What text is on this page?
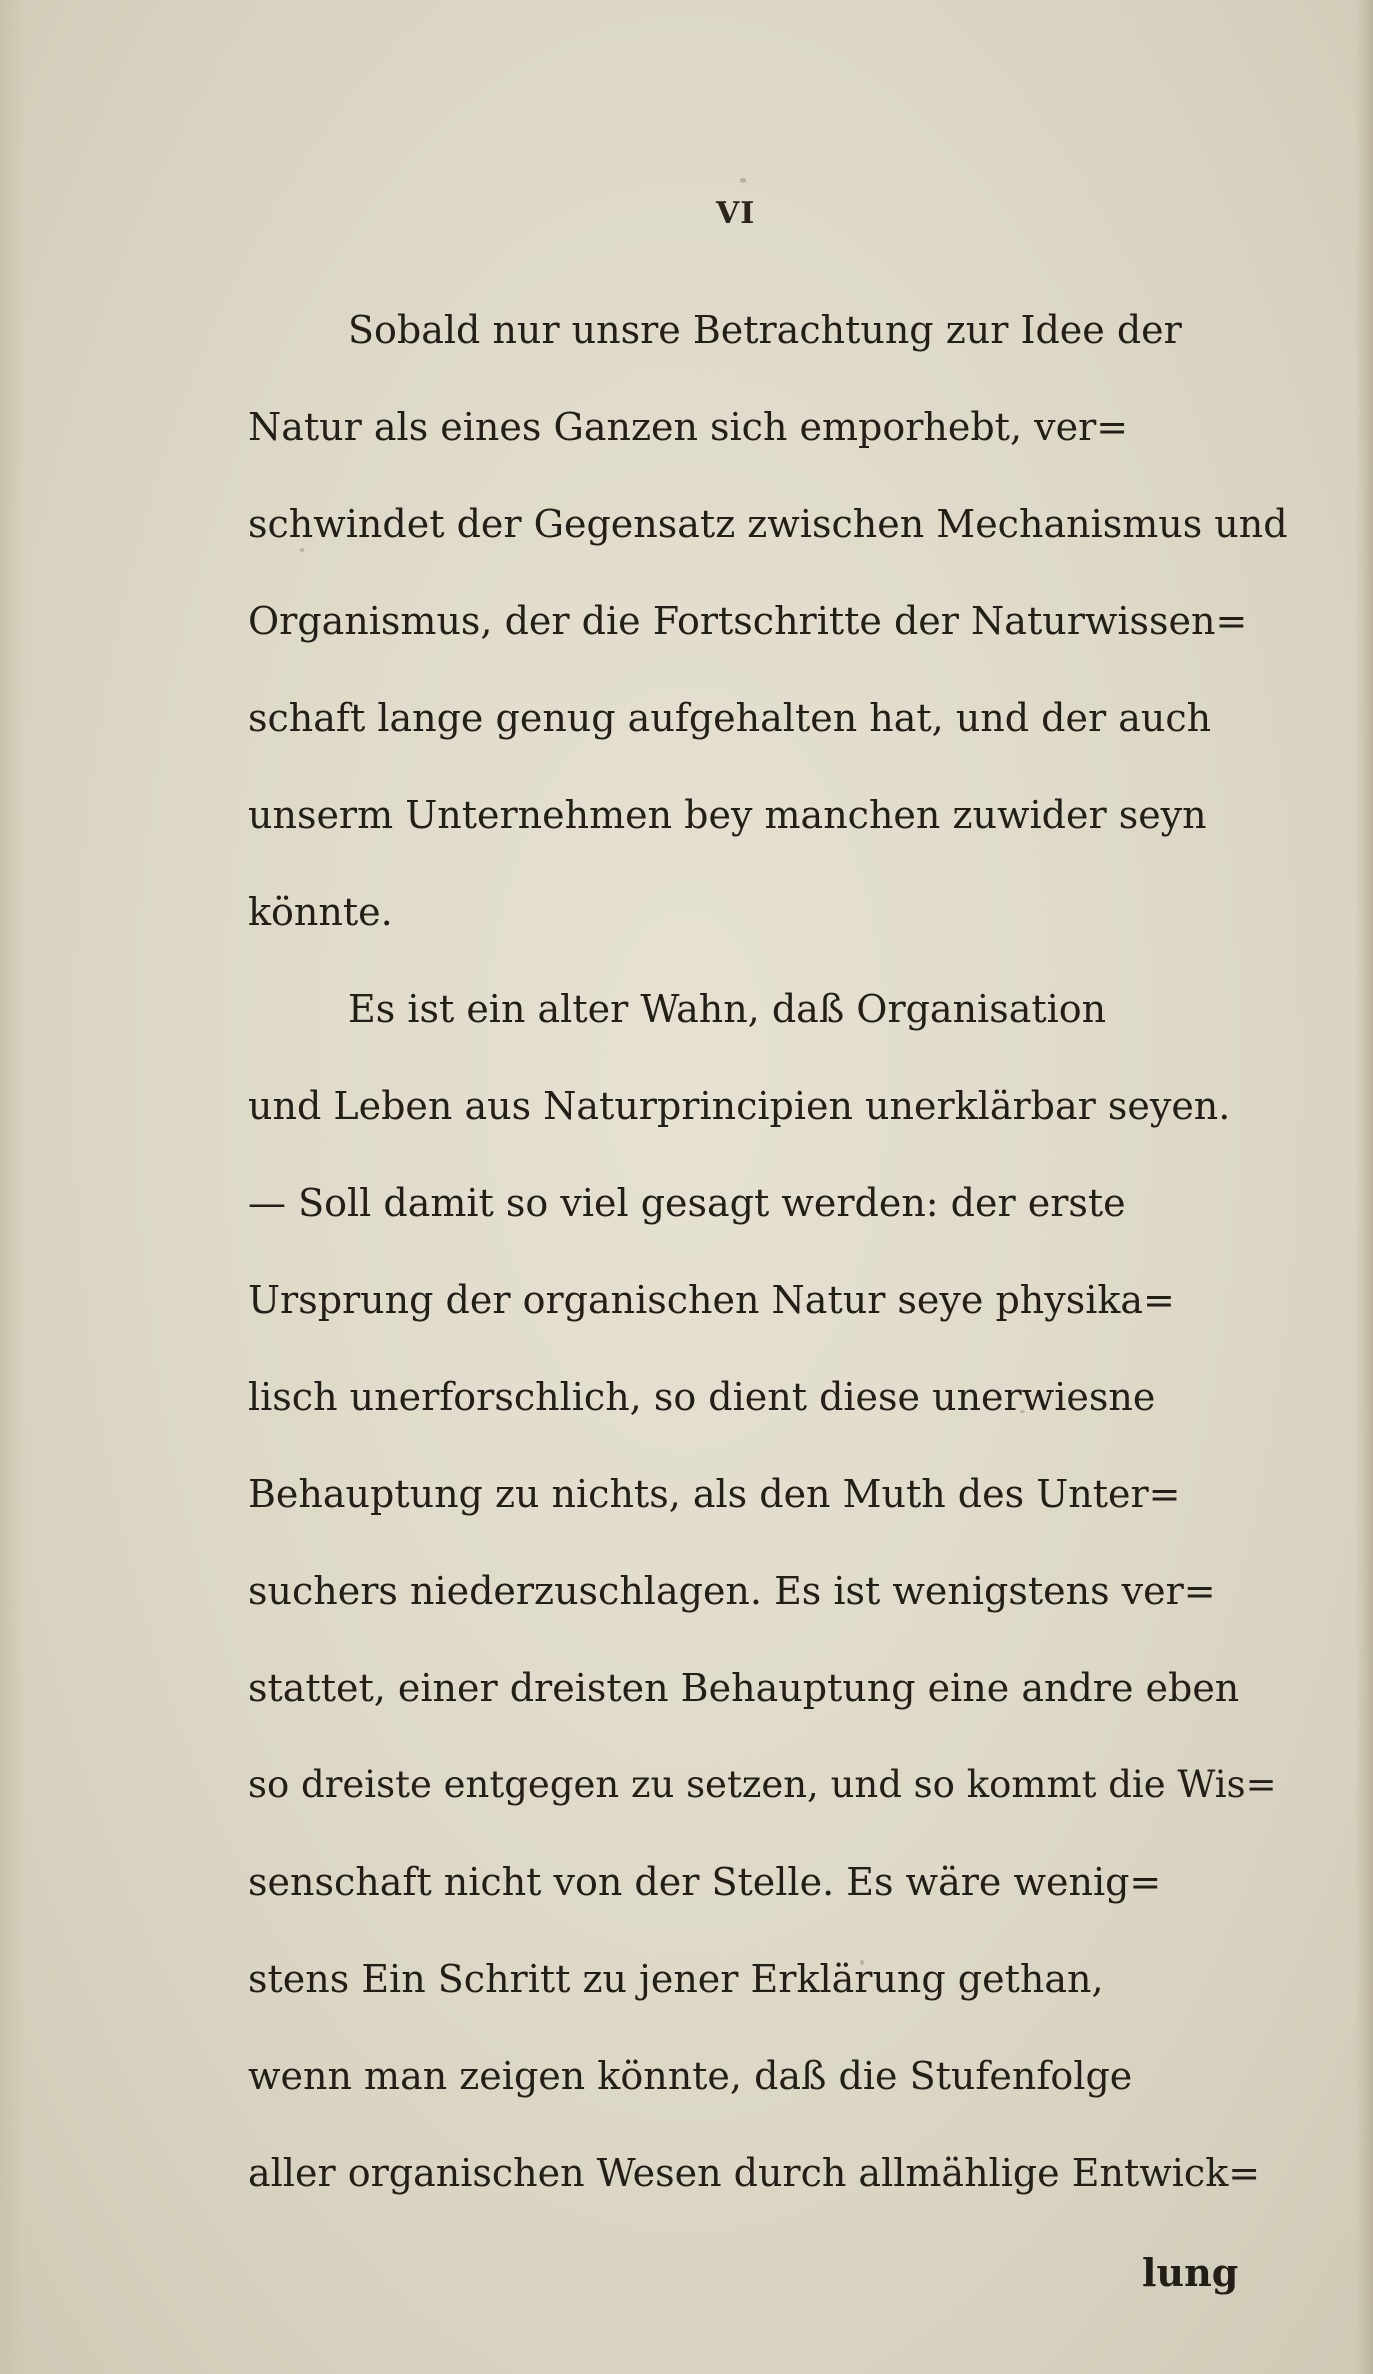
VI
Sobald nur unsre Betrachtung zur Idee der
Natur als eines Ganzen sich emporhebt, ver=
schwindet der Gegensatz zwischen Mechanismus und
Organismus, der die Fortschritte der Naturwissen=
schaft lange genug aufgehalten hat, und der auch
unserm Unternehmen bey manchen zuwider seyn
könnte.
Es ist ein alter Wahn, daß Organisation
und Leben aus Naturprincipien unerklärbar seyen.
— Soll damit so viel gesagt werden: der erste
Ursprung der organischen Natur seye physika=
lisch unerforschlich, so dient diese unerwiesne
Behauptung zu nichts, als den Muth des Unter=
suchers niederzuschlagen. Es ist wenigstens ver=
stattet, einer dreisten Behauptung eine andre eben
so dreiste entgegen zu setzen, und so kommt die Wis=
senschaft nicht von der Stelle. Es wäre wenig=
stens Ein Schritt zu jener Erklärung gethan,
wenn man zeigen könnte, daß die Stufenfolge
aller organischen Wesen durch allmählige Entwick=
lung
